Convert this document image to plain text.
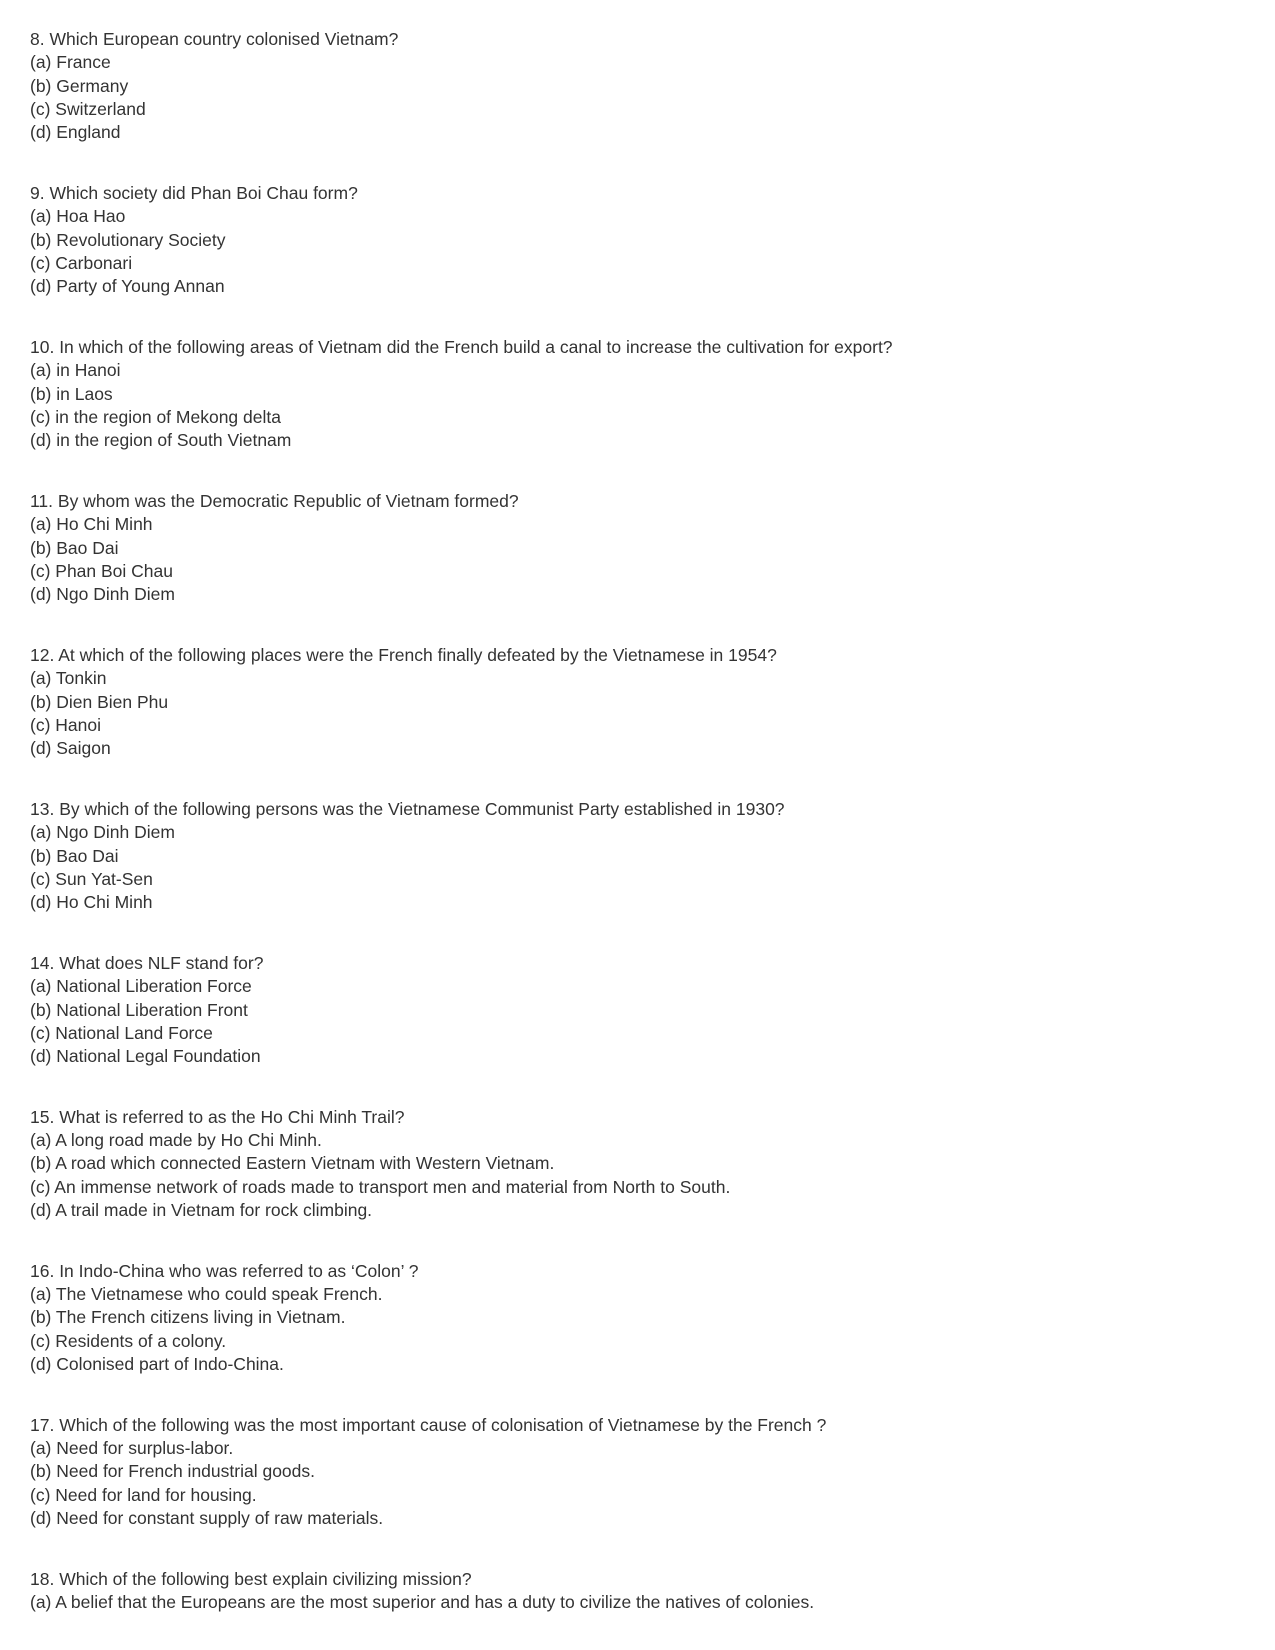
8. Which European country colonised Vietnam?
(a) France
(b) Germany
(c) Switzerland
(d) England
9. Which society did Phan Boi Chau form?
(a) Hoa Hao
(b) Revolutionary Society
(c) Carbonari
(d) Party of Young Annan
10. In which of the following areas of Vietnam did the French build a canal to increase the cultivation for export?
(a) in Hanoi
(b) in Laos
(c) in the region of Mekong delta
(d) in the region of South Vietnam
11. By whom was the Democratic Republic of Vietnam formed?
(a) Ho Chi Minh
(b) Bao Dai
(c) Phan Boi Chau
(d) Ngo Dinh Diem
12. At which of the following places were the French finally defeated by the Vietnamese in 1954?
(a) Tonkin
(b) Dien Bien Phu
(c) Hanoi
(d) Saigon
13. By which of the following persons was the Vietnamese Communist Party established in 1930?
(a) Ngo Dinh Diem
(b) Bao Dai
(c) Sun Yat-Sen
(d) Ho Chi Minh
14. What does NLF stand for?
(a) National Liberation Force
(b) National Liberation Front
(c) National Land Force
(d) National Legal Foundation
15. What is referred to as the Ho Chi Minh Trail?
(a) A long road made by Ho Chi Minh.
(b) A road which connected Eastern Vietnam with Western Vietnam.
(c) An immense network of roads made to transport men and material from North to South.
(d) A trail made in Vietnam for rock climbing.
16. In Indo-China who was referred to as ‘Colon’ ?
(a) The Vietnamese who could speak French.
(b) The French citizens living in Vietnam.
(c) Residents of a colony.
(d) Colonised part of Indo-China.
17. Which of the following was the most important cause of colonisation of Vietnamese by the French ?
(a) Need for surplus-labor.
(b) Need for French industrial goods.
(c) Need for land for housing.
(d) Need for constant supply of raw materials.
18. Which of the following best explain civilizing mission?
(a) A belief that the Europeans are the most superior and has a duty to civilize the natives of colonies.
